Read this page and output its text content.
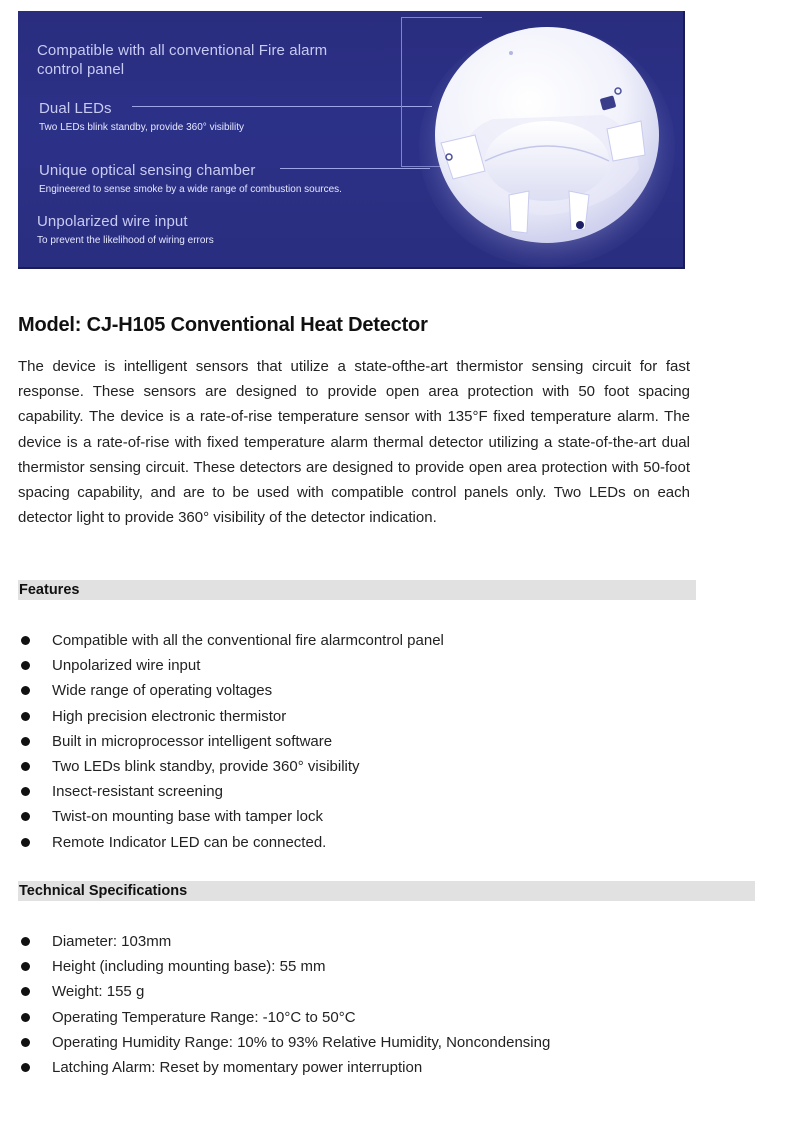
Compatible with all conventional Fire alarm control panel
Dual LEDs
Two LEDs blink standby, provide 360° visibility
Unique optical sensing chamber
Engineered to sense smoke by a wide range of combustion sources.
Unpolarized wire input
To prevent the likelihood of wiring errors
Model: CJ-H105 Conventional Heat Detector

The device is intelligent sensors that utilize a state-ofthe-art thermistor sensing circuit for fast response. These sensors are designed to provide open area protection with 50 foot spacing capability. The device is a rate-of-rise temperature sensor with 135°F fixed temperature alarm. The device is a rate-of-rise with fixed temperature alarm thermal detector utilizing a state-of-the-art dual thermistor sensing circuit. These detectors are designed to provide open area protection with 50-foot spacing capability, and are to be used with compatible control panels only. Two LEDs on each detector light to provide 360° visibility of the detector indication.

Features
Compatible with all the conventional fire alarmcontrol panel
Unpolarized wire input
Wide range of operating voltages
High precision electronic thermistor
Built in microprocessor intelligent software
Two LEDs blink standby, provide 360° visibility
Insect-resistant screening
Twist-on mounting base with tamper lock
Remote Indicator LED can be connected.
Technical Specifications
Diameter: 103mm
Height (including mounting base): 55 mm
Weight: 155 g
Operating Temperature Range: -10°C to 50°C
Operating Humidity Range: 10% to 93% Relative Humidity, Noncondensing
Latching Alarm: Reset by momentary power interruption
